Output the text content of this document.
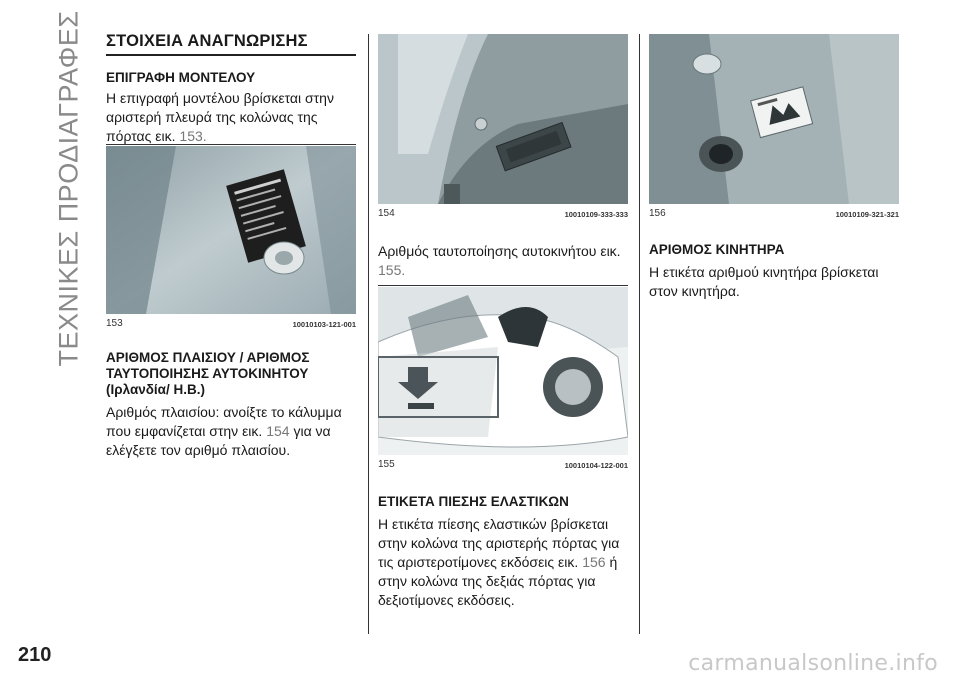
ΤΕΧΝΙΚΕΣ ΠΡΟΔΙΑΓΡΑΦΕΣ ΣΤΟΙΧΕΙΑ ΑΝΑΓΝΩΡΙΣΗΣ
ΕΠΙΓΡΑΦΗ ΜΟΝΤΕΛΟΥ

Η επιγραφή μοντέλου βρίσκεται στην αριστερή πλευρά της κολώνας της πόρτας εικ. 153.

153	10010103-121-001
ΑΡΙΘΜΟΣ ΠΛΑΙΣΙΟΥ / ΑΡΙΘΜΟΣ ΤΑΥΤΟΠΟΙΗΣΗΣ ΑΥΤΟΚΙΝΗΤΟΥ (Ιρλανδία/ Η.Β.)

Αριθμός πλαισίου: ανοίξτε το κάλυμμα που εμφανίζεται στην εικ. 154 για να ελέγξετε τον αριθμό πλαισίου.

154	10010109-333-333

Αριθμός ταυτοποίησης αυτοκινήτου εικ. 155.

155	10010104-122-001
ΕΤΙΚΕΤΑ ΠΙΕΣΗΣ ΕΛΑΣΤΙΚΩΝ

Η ετικέτα πίεσης ελαστικών βρίσκεται στην κολώνα της αριστερής πόρτας για τις αριστεροτίμονες εκδόσεις εικ. 156 ή στην κολώνα της δεξιάς πόρτας για δεξιοτίμονες εκδόσεις.

156	10010109-321-321
ΑΡΙΘΜΟΣ ΚΙΝΗΤΗΡΑ

Η ετικέτα αριθμού κινητήρα βρίσκεται στον κινητήρα.

210	carmanualsonline.info
